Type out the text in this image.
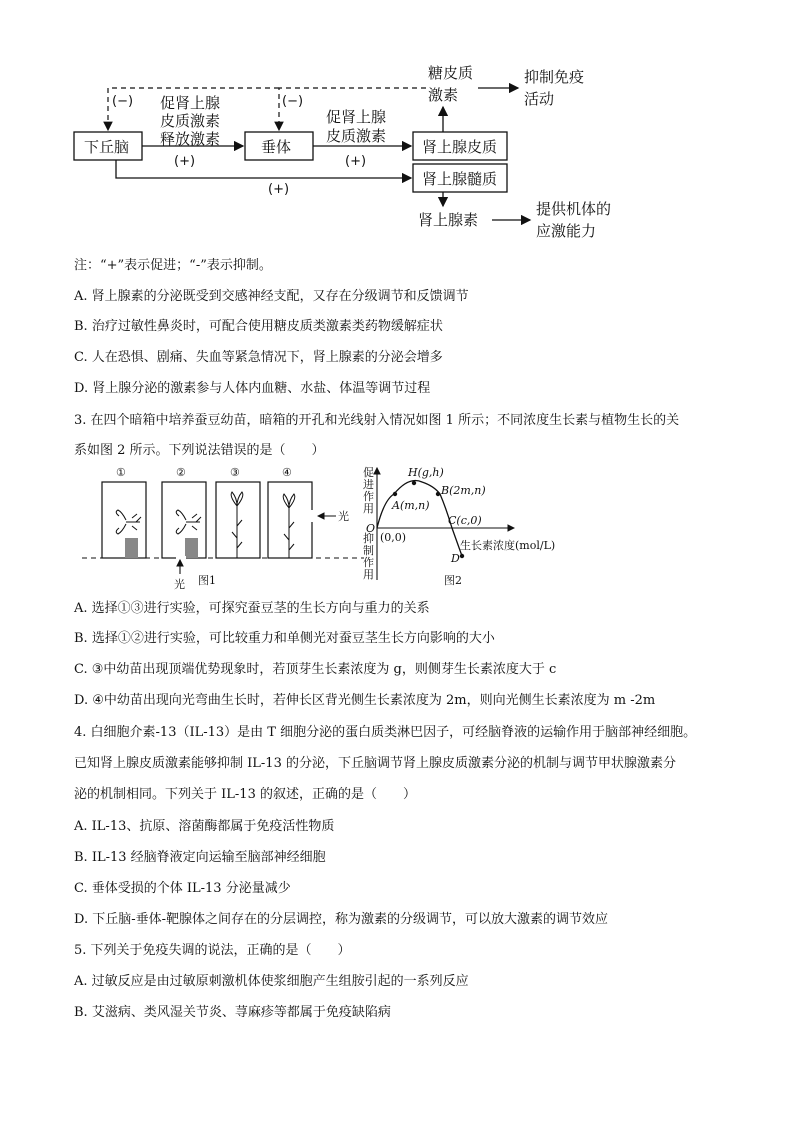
下丘脑	垂体	肾上腺皮质
肾上腺髓质
促肾上腺
皮质激素
释放激素
(+)
促肾上腺
皮质激素
(+)
(+)
糖皮质
激素
抑制免疫
活动
(−)	(−)
肾上腺素
提供机体的
应激能力
注：“+”表示促进；“-”表示抑制。
A. 肾上腺素的分泌既受到交感神经支配，又存在分级调节和反馈调节
B. 治疗过敏性鼻炎时，可配合使用糖皮质类激素类药物缓解症状
C. 人在恐惧、剧痛、失血等紧急情况下，肾上腺素的分泌会增多
D. 肾上腺分泌的激素参与人体内血糖、水盐、体温等调节过程
3. 在四个暗箱中培养蚕豆幼苗，暗箱的开孔和光线射入情况如图 1 所示；不同浓度生长素与植物生长的关
系如图 2 所示。下列说法错误的是（　　）
①	②
光
③	④
光
图1
促
进
作
用
抑
制
作
用
O
(0,0)
H(g,h)
A(m,n)
B(2m,n)
C(c,0)
D
生长素浓度(mol/L)
图2
A. 选择①③进行实验，可探究蚕豆茎的生长方向与重力的关系
B. 选择①②进行实验，可比较重力和单侧光对蚕豆茎生长方向影响的大小
C. ③中幼苗出现顶端优势现象时，若顶芽生长素浓度为 g，则侧芽生长素浓度大于 c
D. ④中幼苗出现向光弯曲生长时，若伸长区背光侧生长素浓度为 2m，则向光侧生长素浓度为 m -2m
4. 白细胞介素-13（IL-13）是由 T 细胞分泌的蛋白质类淋巴因子，可经脑脊液的运输作用于脑部神经细胞。
已知肾上腺皮质激素能够抑制 IL-13 的分泌，下丘脑调节肾上腺皮质激素分泌的机制与调节甲状腺激素分
泌的机制相同。下列关于 IL-13 的叙述，正确的是（　　）
A. IL-13、抗原、溶菌酶都属于免疫活性物质
B. IL-13 经脑脊液定向运输至脑部神经细胞
C. 垂体受损的个体 IL-13 分泌量减少
D. 下丘脑-垂体-靶腺体之间存在的分层调控，称为激素的分级调节，可以放大激素的调节效应
5. 下列关于免疫失调的说法，正确的是（　　）
A. 过敏反应是由过敏原刺激机体使浆细胞产生组胺引起的一系列反应
B. 艾滋病、类风湿关节炎、荨麻疹等都属于免疫缺陷病
